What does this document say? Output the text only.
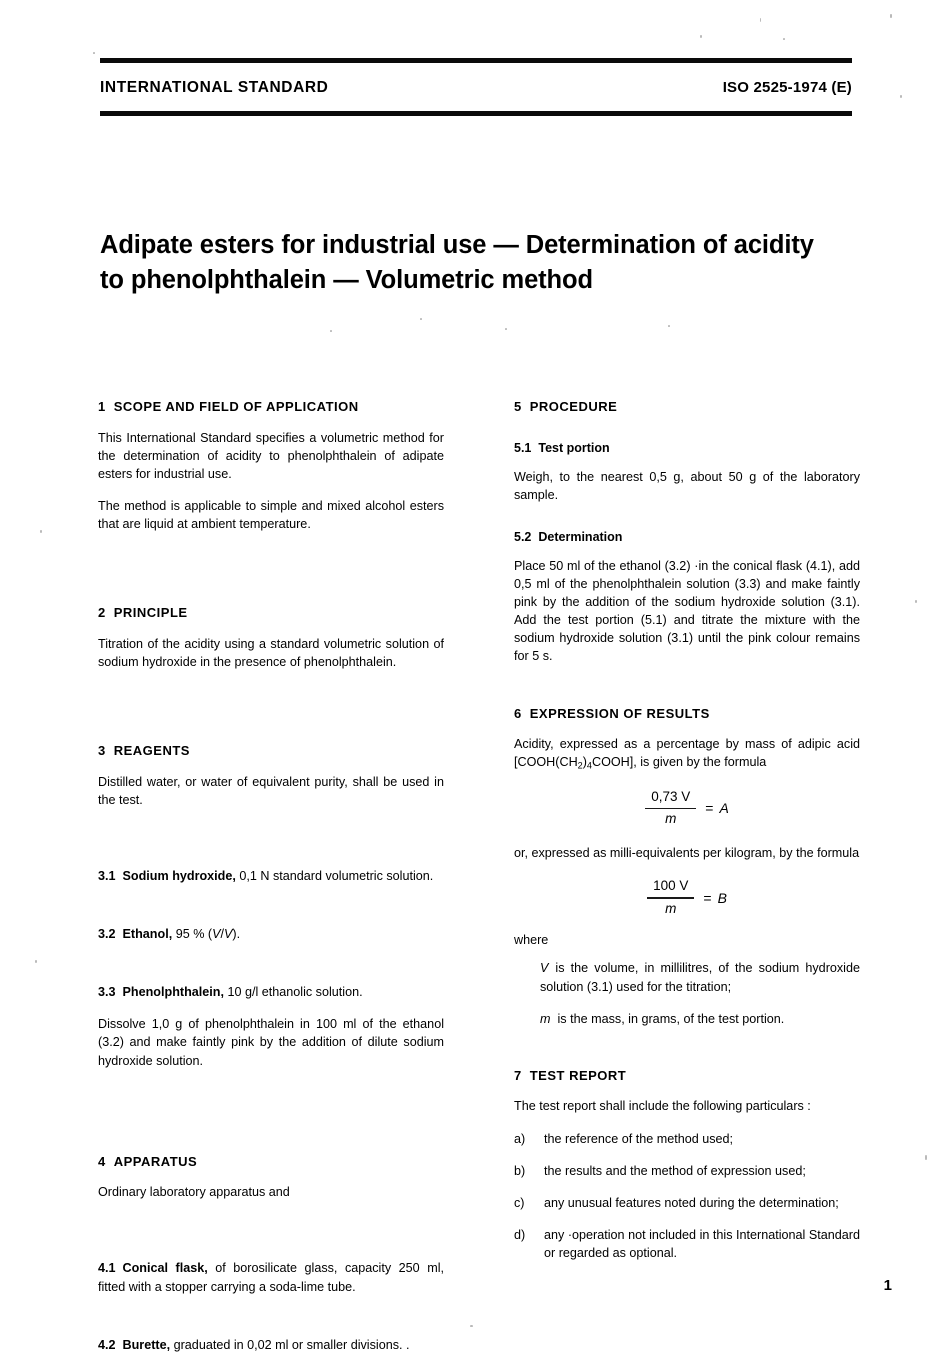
INTERNATIONAL STANDARD	ISO 2525-1974 (E)
Adipate esters for industrial use — Determination of acidity
to phenolphthalein — Volumetric method
1 SCOPE AND FIELD OF APPLICATION

This International Standard specifies a volumetric method for the determination of acidity to phenolphthalein of adipate esters for industrial use.

The method is applicable to simple and mixed alcohol esters that are liquid at ambient temperature.

2 PRINCIPLE

Titration of the acidity using a standard volumetric solution of sodium hydroxide in the presence of phenolphthalein.

3 REAGENTS

Distilled water, or water of equivalent purity, shall be used in the test.

3.1 Sodium hydroxide, 0,1 N standard volumetric solution.

3.2 Ethanol, 95 % (V/V).

3.3 Phenolphthalein, 10 g/l ethanolic solution.

Dissolve 1,0 g of phenolphthalein in 100 ml of the ethanol (3.2) and make faintly pink by the addition of dilute sodium hydroxide solution.

4 APPARATUS

Ordinary laboratory apparatus and

4.1 Conical flask, of borosilicate glass, capacity 250 ml, fitted with a stopper carrying a soda-lime tube.

4.2 Burette, graduated in 0,02 ml or smaller divisions. .

5 PROCEDURE
5.1 Test portion

Weigh, to the nearest 0,5 g, about 50 g of the laboratory sample.

5.2 Determination

Place 50 ml of the ethanol (3.2) ·in the conical flask (4.1), add 0,5 ml of the phenolphthalein solution (3.3) and make faintly pink by the addition of the sodium hydroxide solution (3.1). Add the test portion (5.1) and titrate the mixture with the sodium hydroxide solution (3.1) until the pink colour remains for 5 s.

6 EXPRESSION OF RESULTS

Acidity, expressed as a percentage by mass of adipic acid $[COOH(CH_2)_4COOH]$, is given by the formula

$\frac{0,73 V}{m} = A$

or, expressed as milli-equivalents per kilogram, by the formula

$\frac{100 V}{m} = B$

where

V is the volume, in millilitres, of the sodium hydroxide solution (3.1) used for the titration;

m is the mass, in grams, of the test portion.

7 TEST REPORT

The test report shall include the following particulars :

a) the reference of the method used;

b) the results and the method of expression used;

c) any unusual features noted during the determination;

d) any ·operation not included in this International Standard or regarded as optional.

1
